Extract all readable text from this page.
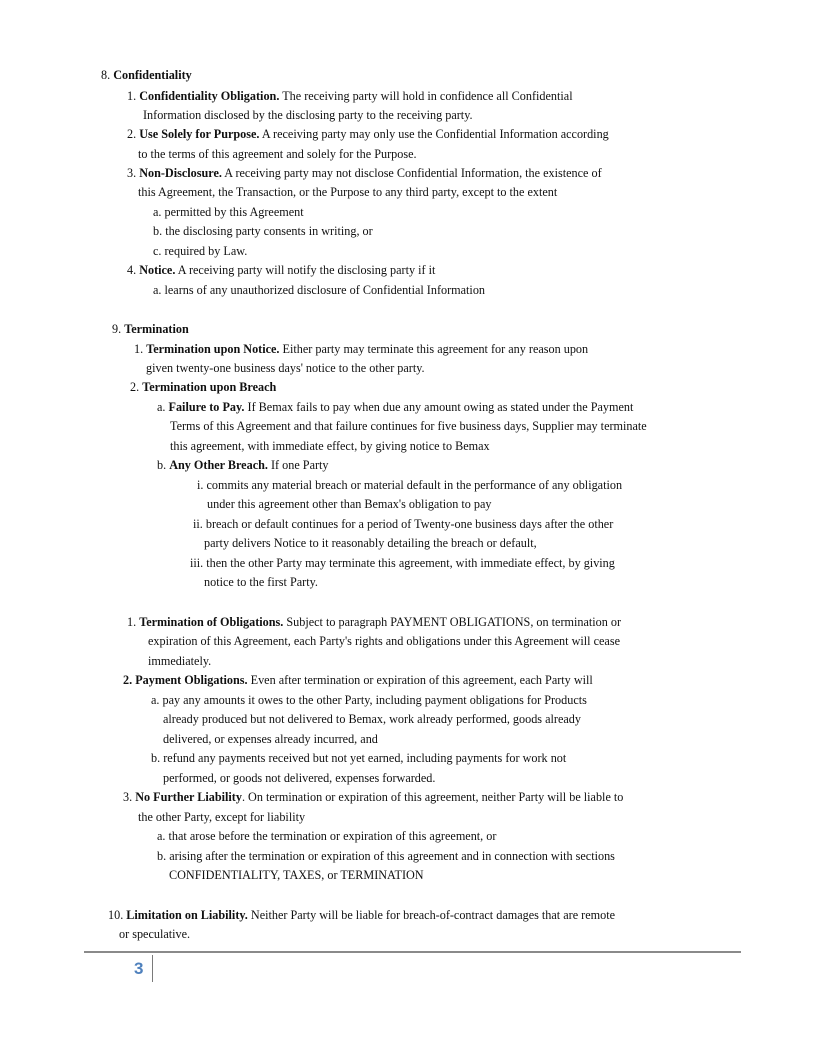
8. Confidentiality
1. Confidentiality Obligation. The receiving party will hold in confidence all Confidential
Information disclosed by the disclosing party to the receiving party.
2. Use Solely for Purpose. A receiving party may only use the Confidential Information according
to the terms of this agreement and solely for the Purpose.
3. Non-Disclosure. A receiving party may not disclose Confidential Information, the existence of
this Agreement, the Transaction, or the Purpose to any third party, except to the extent
a. permitted by this Agreement
b. the disclosing party consents in writing, or
c. required by Law.
4. Notice. A receiving party will notify the disclosing party if it
a. learns of any unauthorized disclosure of Confidential Information
9. Termination
1. Termination upon Notice. Either party may terminate this agreement for any reason upon
given twenty-one business days' notice to the other party.
2. Termination upon Breach
a. Failure to Pay. If Bemax fails to pay when due any amount owing as stated under the Payment
Terms of this Agreement and that failure continues for five business days, Supplier may terminate
this agreement, with immediate effect, by giving notice to Bemax
b. Any Other Breach. If one Party
i. commits any material breach or material default in the performance of any obligation
under this agreement other than Bemax's obligation to pay
ii. breach or default continues for a period of Twenty-one business days after the other
party delivers Notice to it reasonably detailing the breach or default,
iii. then the other Party may terminate this agreement, with immediate effect, by giving
notice to the first Party.
1. Termination of Obligations. Subject to paragraph PAYMENT OBLIGATIONS, on termination or
expiration of this Agreement, each Party's rights and obligations under this Agreement will cease
immediately.
2. Payment Obligations. Even after termination or expiration of this agreement, each Party will
a. pay any amounts it owes to the other Party, including payment obligations for Products
already produced but not delivered to Bemax, work already performed, goods already
delivered, or expenses already incurred, and
b. refund any payments received but not yet earned, including payments for work not
performed, or goods not delivered, expenses forwarded.
3. No Further Liability. On termination or expiration of this agreement, neither Party will be liable to
the other Party, except for liability
a. that arose before the termination or expiration of this agreement, or
b. arising after the termination or expiration of this agreement and in connection with sections
CONFIDENTIALITY, TAXES, or TERMINATION
10. Limitation on Liability. Neither Party will be liable for breach-of-contract damages that are remote
or speculative.
3
